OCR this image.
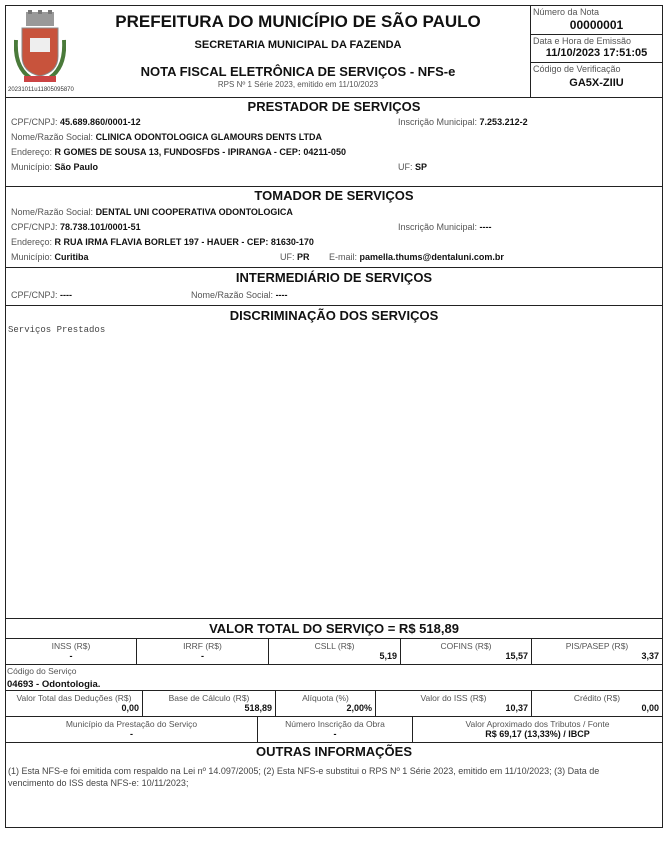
20231011u11805095870
PREFEITURA DO MUNICÍPIO DE SÃO PAULO
SECRETARIA MUNICIPAL DA FAZENDA
NOTA FISCAL ELETRÔNICA DE SERVIÇOS - NFS-e
RPS Nº 1 Série 2023, emitido em 11/10/2023
Número da Nota
00000001
Data e Hora de Emissão
11/10/2023 17:51:05
Código de Verificação
GA5X-ZIIU
PRESTADOR DE SERVIÇOS
CPF/CNPJ: 45.689.860/0001-12	Inscrição Municipal: 7.253.212-2
Nome/Razão Social: CLINICA ODONTOLOGICA GLAMOURS DENTS LTDA
Endereço: R GOMES DE SOUSA 13, FUNDOSFDS - IPIRANGA - CEP: 04211-050
Município: São Paulo	UF: SP
TOMADOR DE SERVIÇOS
Nome/Razão Social: DENTAL UNI COOPERATIVA ODONTOLOGICA
CPF/CNPJ: 78.738.101/0001-51	Inscrição Municipal: ----
Endereço: R RUA IRMA FLAVIA BORLET 197 - HAUER - CEP: 81630-170
Município: Curitiba	UF: PR E-mail: pamella.thums@dentaluni.com.br
INTERMEDIÁRIO DE SERVIÇOS
CPF/CNPJ: ----	Nome/Razão Social: ----
DISCRIMINAÇÃO DOS SERVIÇOS
Serviços Prestados
VALOR TOTAL DO SERVIÇO = R$ 518,89
INSS (R$)
-
IRRF (R$)
-
CSLL (R$)
5,19
COFINS (R$)
15,57
PIS/PASEP (R$)
3,37
Código do Serviço
04693 - Odontologia.
Valor Total das Deduções (R$)
0,00
Base de Cálculo (R$)
518,89
Alíquota (%)
2,00%
Valor do ISS (R$)
10,37
Crédito (R$)
0,00
Município da Prestação do Serviço
-
Número Inscrição da Obra
-
Valor Aproximado dos Tributos / Fonte
R$ 69,17 (13,33%) / IBCP
OUTRAS INFORMAÇÕES
(1) Esta NFS-e foi emitida com respaldo na Lei nº 14.097/2005; (2) Esta NFS-e substitui o RPS Nº 1 Série 2023, emitido em 11/10/2023; (3) Data de vencimento do ISS desta NFS-e: 10/11/2023;
